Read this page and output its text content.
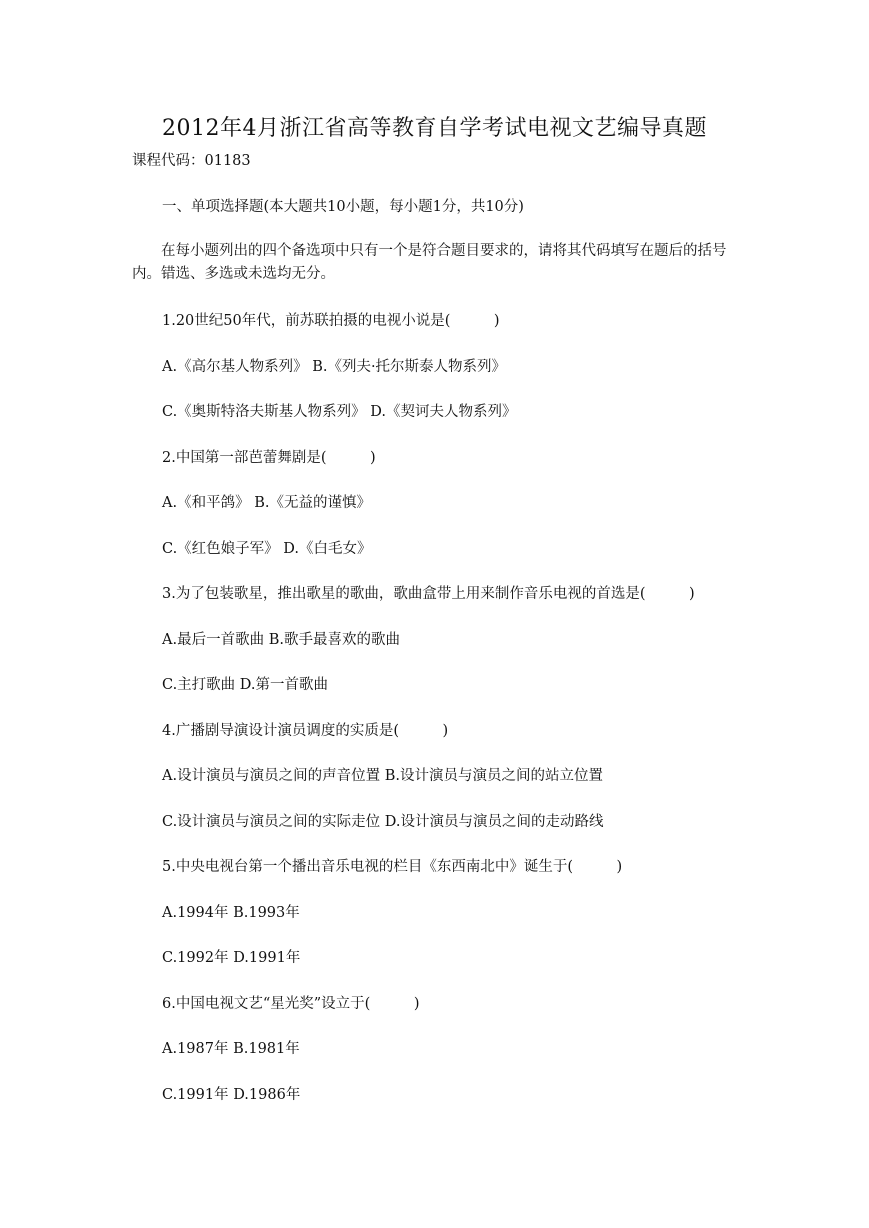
2012年4月浙江省高等教育自学考试电视文艺编导真题
课程代码：01183
一、单项选择题(本大题共10小题，每小题1分，共10分)
在每小题列出的四个备选项中只有一个是符合题目要求的，请将其代码填写在题后的括号内。错选、多选或未选均无分。
1.20世纪50年代，前苏联拍摄的电视小说是(　　　)
A.《高尔基人物系列》 B.《列夫·托尔斯泰人物系列》
C.《奥斯特洛夫斯基人物系列》 D.《契诃夫人物系列》
2.中国第一部芭蕾舞剧是(　　　)
A.《和平鸽》 B.《无益的谨慎》
C.《红色娘子军》 D.《白毛女》
3.为了包装歌星，推出歌星的歌曲，歌曲盒带上用来制作音乐电视的首选是(　　　)
A.最后一首歌曲 B.歌手最喜欢的歌曲
C.主打歌曲 D.第一首歌曲
4.广播剧导演设计演员调度的实质是(　　　)
A.设计演员与演员之间的声音位置 B.设计演员与演员之间的站立位置
C.设计演员与演员之间的实际走位 D.设计演员与演员之间的走动路线
5.中央电视台第一个播出音乐电视的栏目《东西南北中》诞生于(　　　)
A.1994年 B.1993年
C.1992年 D.1991年
6.中国电视文艺“星光奖”设立于(　　　)
A.1987年 B.1981年
C.1991年 D.1986年
